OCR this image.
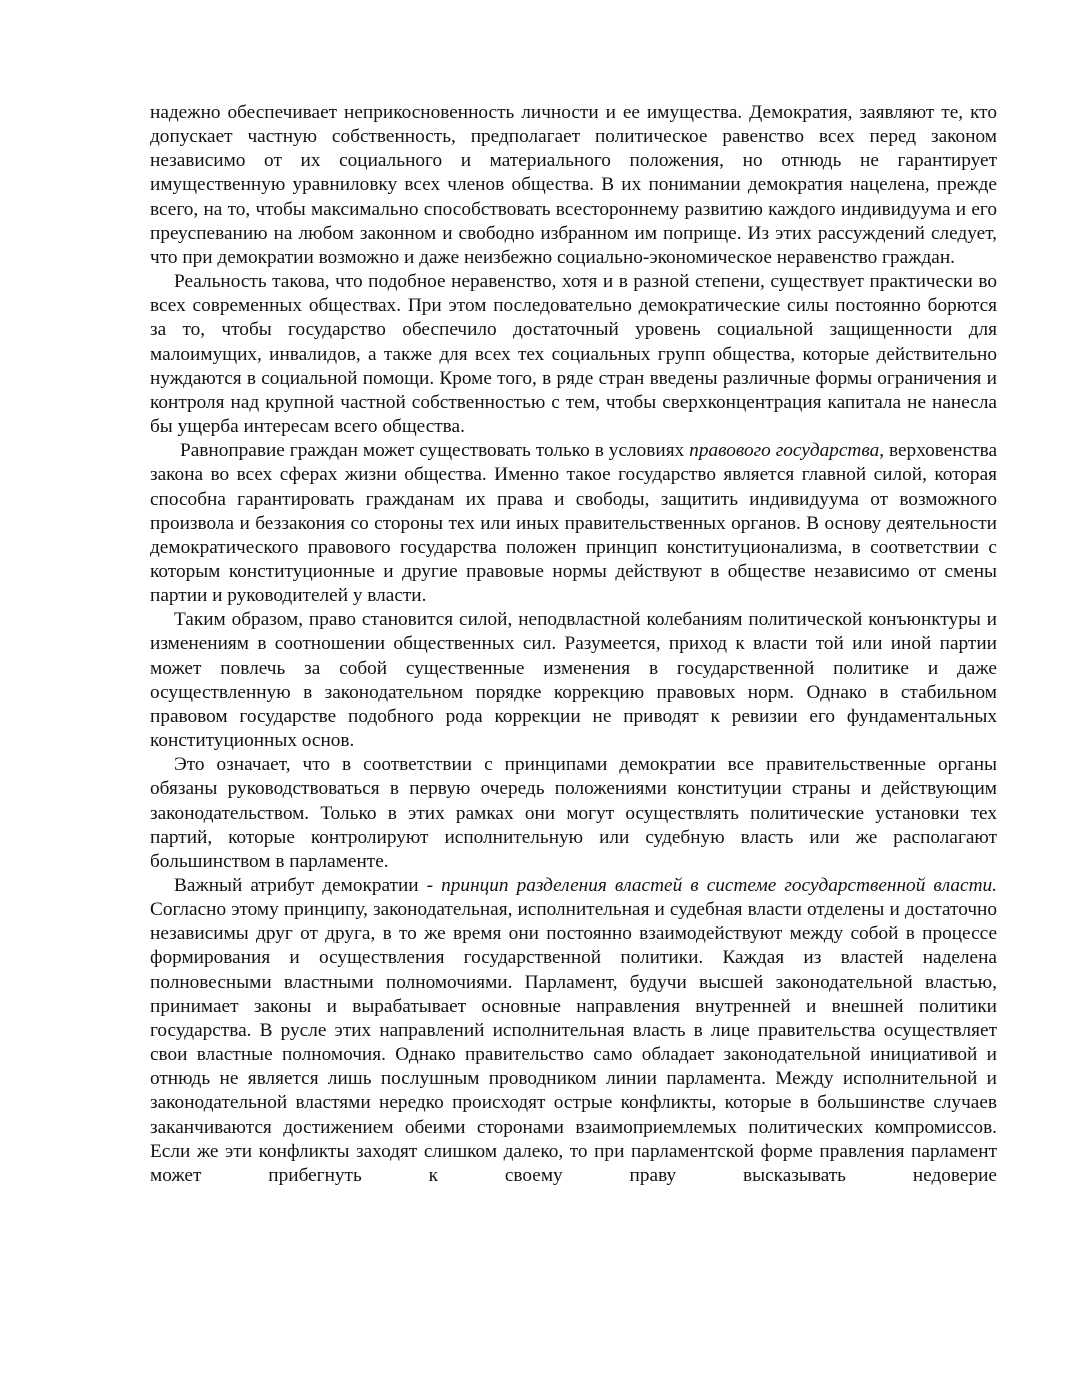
надежно обеспечивает неприкосновенность личности и ее имущества. Демократия, заявляют те, кто допускает частную собственность, предполагает политическое равенство всех перед законом независимо от их социального и материального положения, но отнюдь не гарантирует имущественную уравниловку всех членов общества. В их понимании демократия нацелена, прежде всего, на то, чтобы максимально способствовать всестороннему развитию каждого индивидуума и его преуспеванию на любом законном и свободно избранном им поприще. Из этих рассуждений следует, что при демократии возможно и даже неизбежно социально-экономическое неравенство граждан.

Реальность такова, что подобное неравенство, хотя и в разной степени, существует практически во всех современных обществах. При этом последовательно демократические силы постоянно борются за то, чтобы государство обеспечило достаточный уровень социальной защищенности для малоимущих, инвалидов, а также для всех тех социальных групп общества, которые действительно нуждаются в социальной помощи. Кроме того, в ряде стран введены различные формы ограничения и контроля над крупной частной собственностью с тем, чтобы сверхконцентрация капитала не нанесла бы ущерба интересам всего общества.

Равноправие граждан может существовать только в условиях правового государства, верховенства закона во всех сферах жизни общества. Именно такое государство является главной силой, которая способна гарантировать гражданам их права и свободы, защитить индивидуума от возможного произвола и беззакония со стороны тех или иных правительственных органов. В основу деятельности демократического правового государства положен принцип конституционализма, в соответствии с которым конституционные и другие правовые нормы действуют в обществе независимо от смены партии и руководителей у власти.

Таким образом, право становится силой, неподвластной колебаниям политической конъюнктуры и изменениям в соотношении общественных сил. Разумеется, приход к власти той или иной партии может повлечь за собой существенные изменения в государственной политике и даже осуществленную в законодательном порядке коррекцию правовых норм. Однако в стабильном правовом государстве подобного рода коррекции не приводят к ревизии его фундаментальных конституционных основ.

Это означает, что в соответствии с принципами демократии все правительственные органы обязаны руководствоваться в первую очередь положениями конституции страны и действующим законодательством. Только в этих рамках они могут осуществлять политические установки тех партий, которые контролируют исполнительную или судебную власть или же располагают большинством в парламенте.

Важный атрибут демократии - принцип разделения властей в системе государственной власти. Согласно этому принципу, законодательная, исполнительная и судебная власти отделены и достаточно независимы друг от друга, в то же время они постоянно взаимодействуют между собой в процессе формирования и осуществления государственной политики. Каждая из властей наделена полновесными властными полномочиями. Парламент, будучи высшей законодательной властью, принимает законы и вырабатывает основные направления внутренней и внешней политики государства. В русле этих направлений исполнительная власть в лице правительства осуществляет свои властные полномочия. Однако правительство само обладает законодательной инициативой и отнюдь не является лишь послушным проводником линии парламента. Между исполнительной и законодательной властями нередко происходят острые конфликты, которые в большинстве случаев заканчиваются достижением обеими сторонами взаимоприемлемых политических компромиссов. Если же эти конфликты заходят слишком далеко, то при парламентской форме правления парламент может прибегнуть к своему праву высказывать недоверие
